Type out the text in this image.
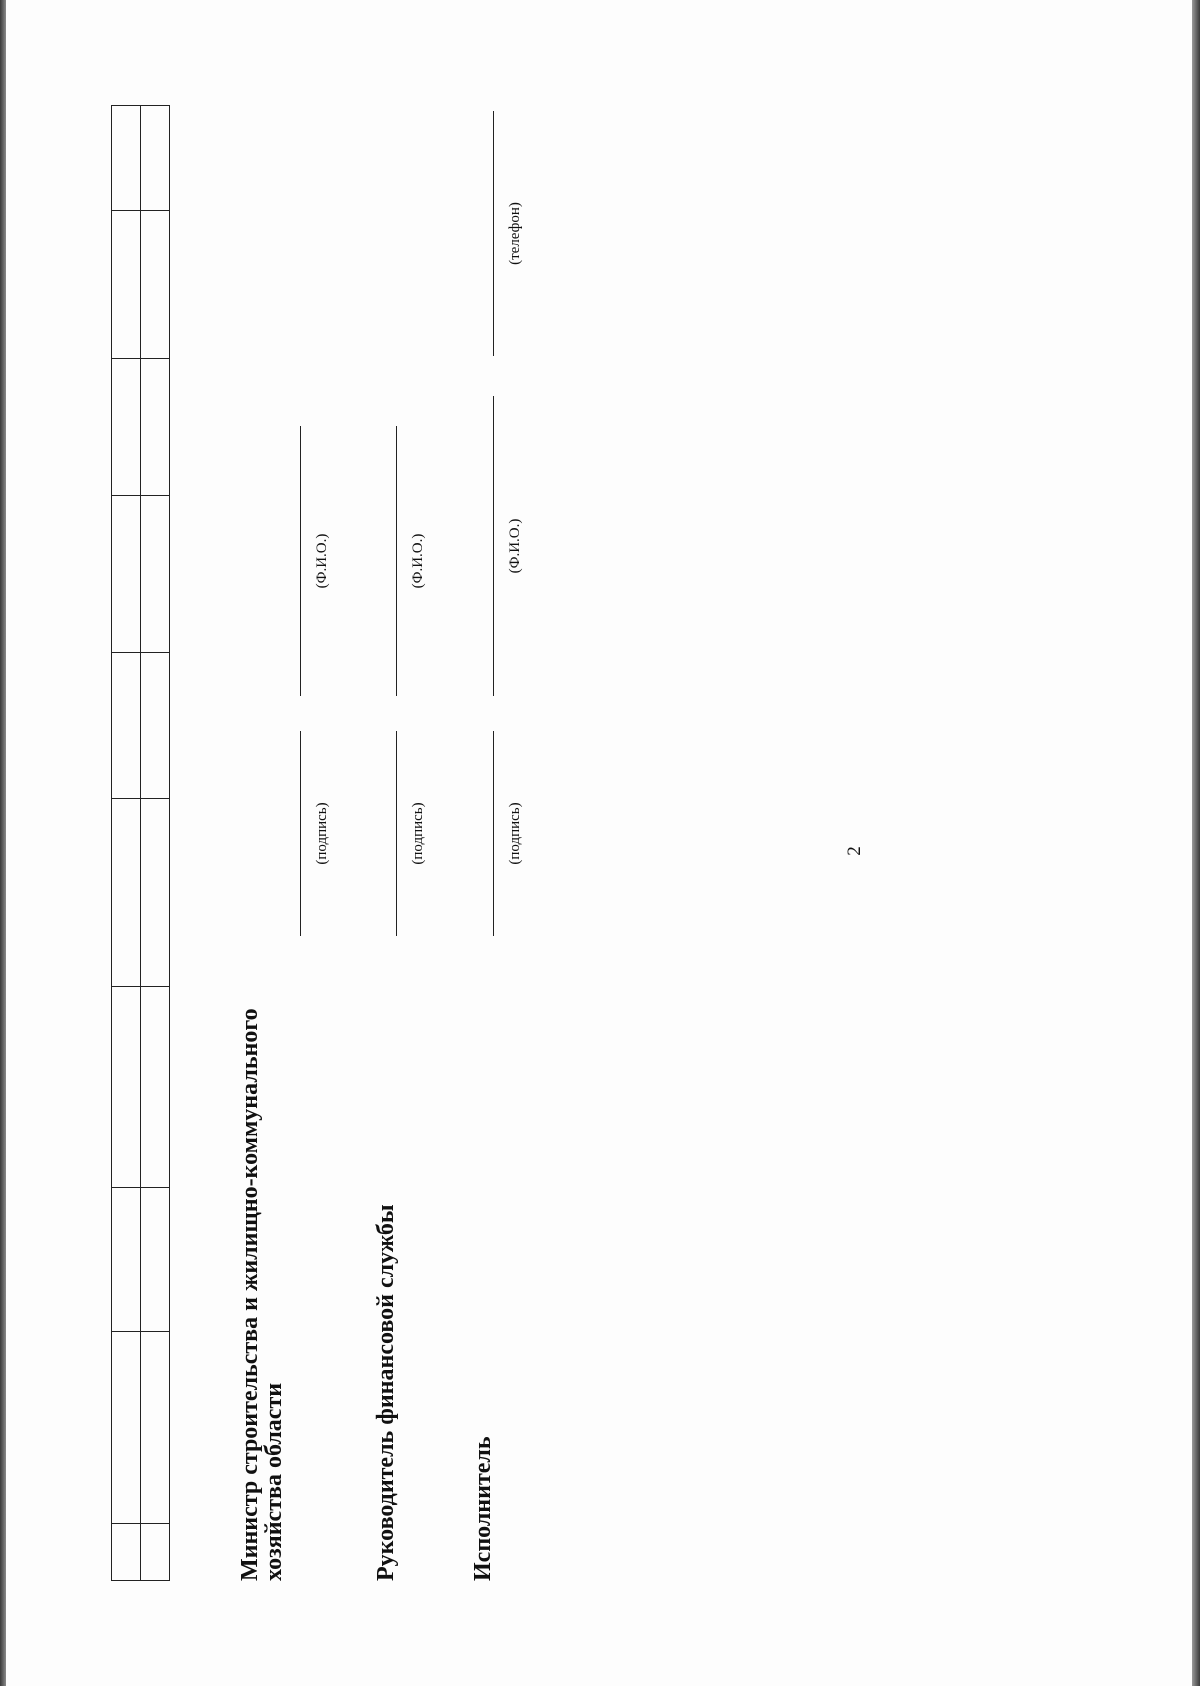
2

Министр строительства и жилищно-коммунального хозяйства области

(подпись)
(Ф.И.О.)

Руководитель финансовой службы

(подпись)
(Ф.И.О.)

Исполнитель

(подпись)
(Ф.И.О.)
(телефон)
